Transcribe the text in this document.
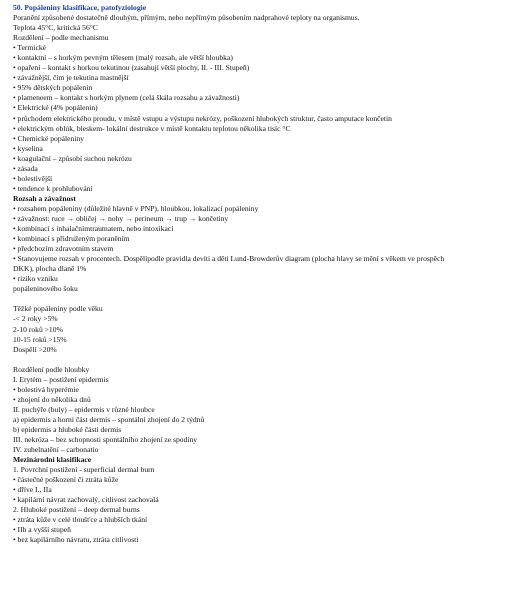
50. Popáleniny klasifikace, patofyziologie
Poranění způsobené dostatečně dlouhým, přímým, nebo nepřímým působením nadprahové teploty na organismus.
Teplota 45°C, kritická 56°C
Rozdělení – podle mechanismu
• Termické
• kontaktní – s horkým pevným tělesem (malý rozsah, ale větší hloubka)
• opaření – kontakt s horkou tekutinou (zasahují větší plochy, II. - III. Stupeň)
• závažnější, čím je tekutina mastnější
• 95% dětských popálenin
• plameneem – kontakt s horkým plynem (celá škála rozsahu a závažnosti)
• Elektrické (4% popálenin)
• průchodem elektrického proudu, v místě vstupu a výstupu nekrózy, poškození hlubokých struktur, často amputace končetin
• elektrickým oblúk, bleskem- lokální destrukce v místě kontaktu teplotou několika tisíc °C
• Chemické popáleniny
• kyselina
• koagulační – způsobí suchou nekrózu
• zásada
• bolestivější
• tendence k prohlubování
Rozsah a závažnost
• rozsahem popáleniny (důležité hlavně v PNP), hloubkou, lokalizací popáleniny
• závažnost: ruce → obličej → nohy → perineum → trup → končetiny
• kombinací s inhalačnímtraumatem, nebo intoxikací
• kombinací s přidruženým poraněním
• předchozím zdravotním stavem
• Stanovujeme rozsah v procentech. Dospělípodle pravidla devíti a děti Lund-Browderův diagram (plocha hlavy se mění s věkem ve prospěch
DKK), plocha dlaně 1%
• riziko vzniku
popáleninového šoku
Těžké popáleniny podle věku
-< 2 roky >5%
2-10 roků >10%
10-15 roků >15%
Dospělí >20%
Rozdělení podle hloubky
I. Erytém – postižení epidermis
• bolestivá hyperémie
• zhojení do několika dnů
II. puchýře (buly) – epidermis v různé hloubce
a) epidermis a horní část dermis – spontální zhojení do 2 týdnů
b) epidermis a hluboké části dermis
III. nekróza – bez schopnosti spontálního zhojení ze spodiny
IV. zuhelnatění – carbonatio
Mezinárodní klasifikace
1. Povrchní postižení - superficial dermal burn
• částečné poškození či ztráta kůže
• dříve I., IIa
• kapilární návrat zachovalý, citlivost zachovalá
2. Hluboké postižení – deep dermal burns
• ztráta kůže v celé tloušťce a hlubších tkání
• IIb a vyšší stupeň
• bez kapilárního návratu, ztráta citlivosti
